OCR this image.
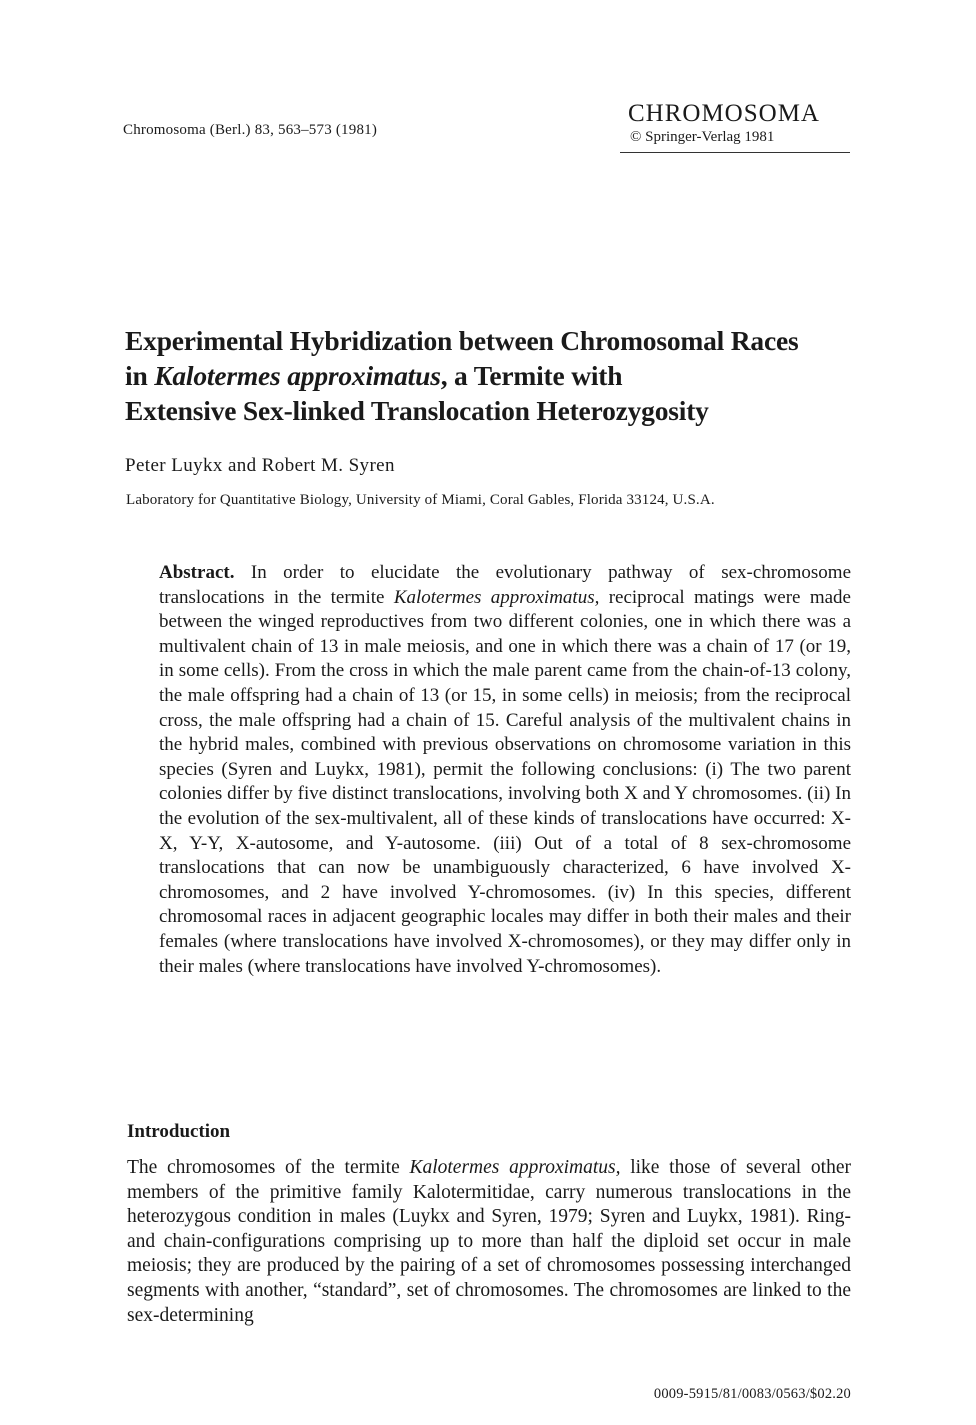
Chromosoma (Berl.) 83, 563–573 (1981)
CHROMOSOMA
© Springer-Verlag 1981
Experimental Hybridization between Chromosomal Races
in Kalotermes approximatus, a Termite with
Extensive Sex-linked Translocation Heterozygosity
Peter Luykx and Robert M. Syren
Laboratory for Quantitative Biology, University of Miami, Coral Gables, Florida 33124, U.S.A.
Abstract. In order to elucidate the evolutionary pathway of sex-chromosome translocations in the termite Kalotermes approximatus, reciprocal matings were made between the winged reproductives from two different colonies, one in which there was a multivalent chain of 13 in male meiosis, and one in which there was a chain of 17 (or 19, in some cells). From the cross in which the male parent came from the chain-of-13 colony, the male offspring had a chain of 13 (or 15, in some cells) in meiosis; from the reciprocal cross, the male offspring had a chain of 15. Careful analysis of the multivalent chains in the hybrid males, combined with previous observations on chromosome variation in this species (Syren and Luykx, 1981), permit the following conclusions: (i) The two parent colonies differ by five distinct translocations, involving both X and Y chromosomes. (ii) In the evolution of the sex-multivalent, all of these kinds of translocations have occurred: X-X, Y-Y, X-autosome, and Y-autosome. (iii) Out of a total of 8 sex-chromosome translocations that can now be unambiguously characterized, 6 have involved X-chromosomes, and 2 have involved Y-chromosomes. (iv) In this species, different chromosomal races in adjacent geographic locales may differ in both their males and their females (where translocations have involved X-chromosomes), or they may differ only in their males (where translocations have involved Y-chromosomes).
Introduction
The chromosomes of the termite Kalotermes approximatus, like those of several other members of the primitive family Kalotermitidae, carry numerous translocations in the heterozygous condition in males (Luykx and Syren, 1979; Syren and Luykx, 1981). Ring- and chain-configurations comprising up to more than half the diploid set occur in male meiosis; they are produced by the pairing of a set of chromosomes possessing interchanged segments with another, “standard”, set of chromosomes. The chromosomes are linked to the sex-determining
0009-5915/81/0083/0563/$02.20
